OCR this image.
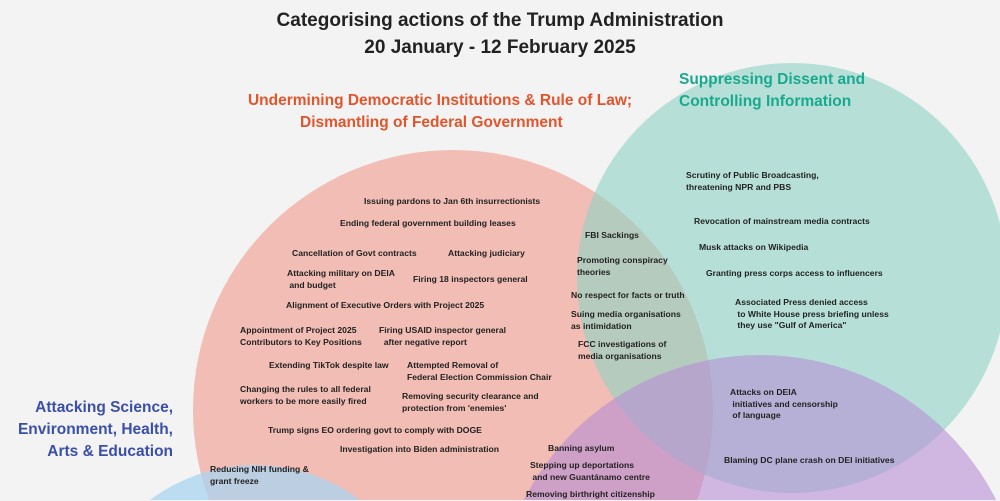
Categorising actions of the Trump Administration
20 January - 12 February 2025
Undermining Democratic Institutions & Rule of Law;
Dismantling of Federal Government
Suppressing Dissent and
Controlling Information
Attacking Science,
Environment, Health,
Arts & Education
Issuing pardons to Jan 6th insurrectionists
Ending federal government building leases
Cancellation of Govt contracts	Attacking judiciary
Attacking military on DEIA
and budget
Firing 18 inspectors general
Alignment of Executive Orders with Project 2025
Appointment of Project 2025
Contributors to Key Positions
Firing USAID inspector general
after negative report
Extending TikTok despite law Attempted Removal of
Federal Election Commission Chair
Changing the rules to all federal
workers to be more easily fired	Removing security clearance and
protection from 'enemies'
Trump signs EO ordering govt to comply with DOGE
Investigation into Biden administration
Reducing NIH funding &
grant freeze
FBI Sackings
Promoting conspiracy
theories
No respect for facts or truth
Suing media organisations
as intimidation
FCC investigations of
media organisations
Scrutiny of Public Broadcasting,
threatening NPR and PBS
Revocation of mainstream media contracts
Musk attacks on Wikipedia
Granting press corps access to influencers
Associated Press denied access
to White House press briefing unless
they use "Gulf of America"
Attacks on DEIA
initiatives and censorship
of language
Blaming DC plane crash on DEI initiatives
Banning asylum
Stepping up deportations
and new Guantánamo centre
Removing birthright citizenship
